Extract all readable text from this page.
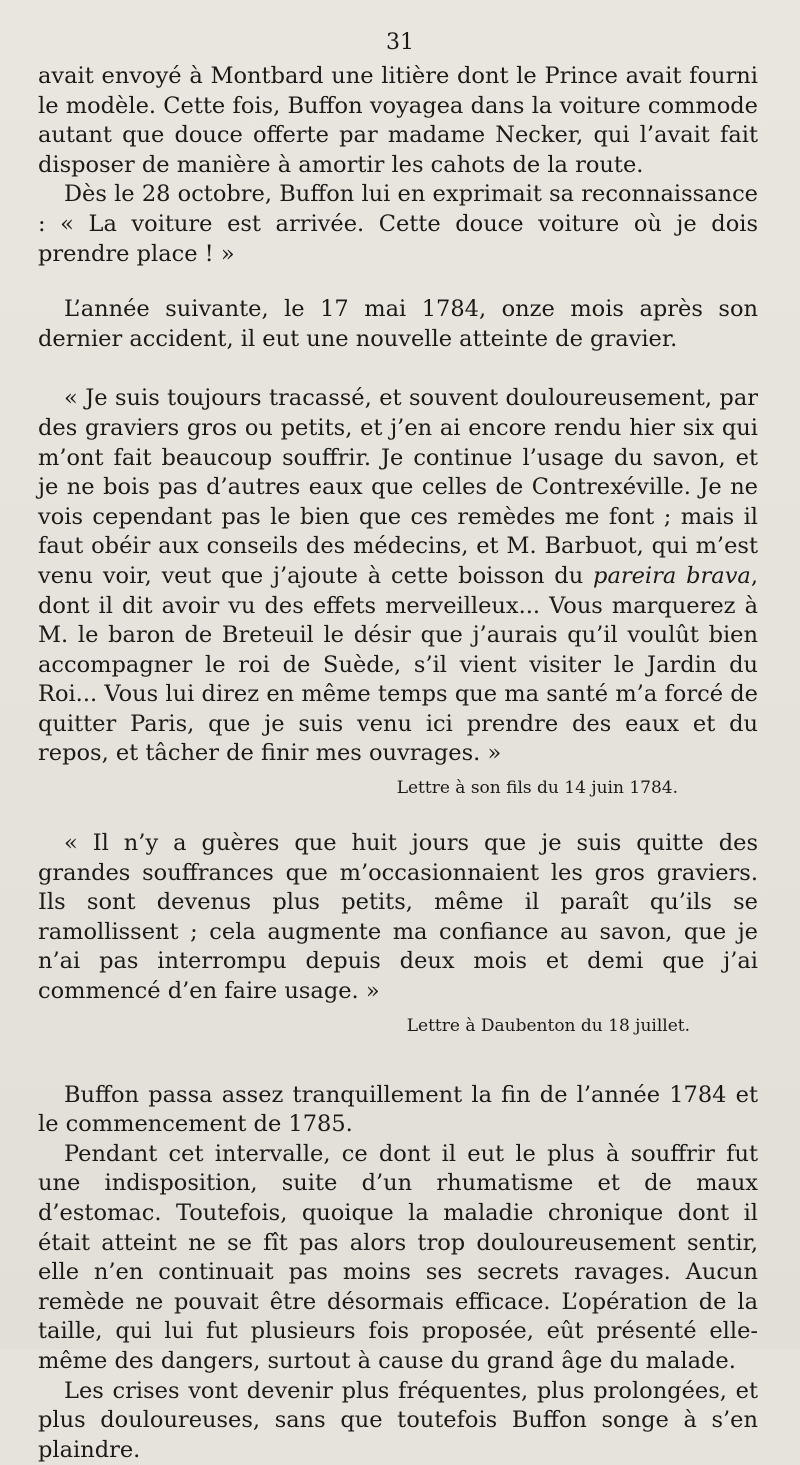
31

avait envoyé à Montbard une litière dont le Prince avait fourni le modèle. Cette fois, Buffon voyagea dans la voiture commode autant que douce offerte par madame Necker, qui l’avait fait disposer de manière à amortir les cahots de la route.

Dès le 28 octobre, Buffon lui en exprimait sa reconnaissance : « La voiture est arrivée. Cette douce voiture où je dois prendre place ! »

L’année suivante, le 17 mai 1784, onze mois après son dernier accident, il eut une nouvelle atteinte de gravier.

« Je suis toujours tracassé, et souvent douloureusement, par des graviers gros ou petits, et j’en ai encore rendu hier six qui m’ont fait beaucoup souffrir. Je continue l’usage du savon, et je ne bois pas d’autres eaux que celles de Contrexéville. Je ne vois cependant pas le bien que ces remèdes me font ; mais il faut obéir aux conseils des médecins, et M. Barbuot, qui m’est venu voir, veut que j’ajoute à cette boisson du pareira brava, dont il dit avoir vu des effets merveilleux... Vous marquerez à M. le baron de Breteuil le désir que j’aurais qu’il voulût bien accompagner le roi de Suède, s’il vient visiter le Jardin du Roi... Vous lui direz en même temps que ma santé m’a forcé de quitter Paris, que je suis venu ici prendre des eaux et du repos, et tâcher de finir mes ouvrages. »

Lettre à son fils du 14 juin 1784.

« Il n’y a guères que huit jours que je suis quitte des grandes souffrances que m’occasionnaient les gros graviers. Ils sont devenus plus petits, même il paraît qu’ils se ramollissent ; cela augmente ma confiance au savon, que je n’ai pas interrompu depuis deux mois et demi que j’ai commencé d’en faire usage. »

Lettre à Daubenton du 18 juillet.

Buffon passa assez tranquillement la fin de l’année 1784 et le commencement de 1785.

Pendant cet intervalle, ce dont il eut le plus à souffrir fut une indisposition, suite d’un rhumatisme et de maux d’estomac. Toutefois, quoique la maladie chronique dont il était atteint ne se fît pas alors trop douloureusement sentir, elle n’en continuait pas moins ses secrets ravages. Aucun remède ne pouvait être désormais efficace. L’opération de la taille, qui lui fut plusieurs fois proposée, eût présenté elle-même des dangers, surtout à cause du grand âge du malade.

Les crises vont devenir plus fréquentes, plus prolongées, et plus douloureuses, sans que toutefois Buffon songe à s’en plaindre.
